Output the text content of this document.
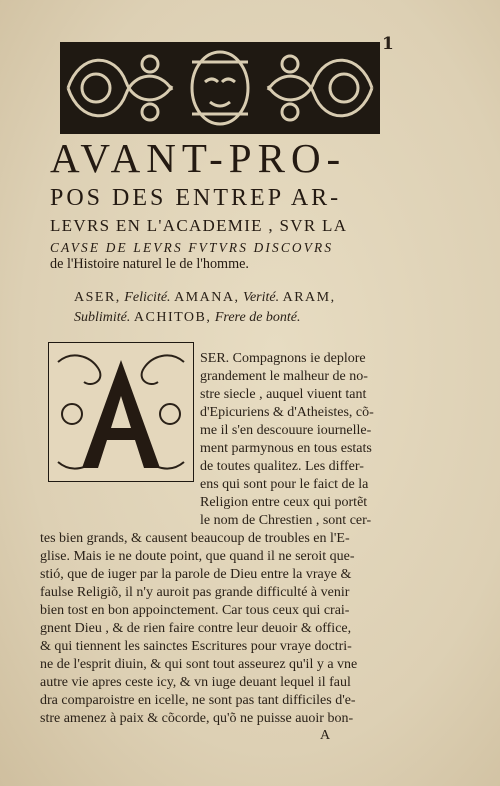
1
AVANT-PRO-
POS DES ENTREP AR-
LEVRS EN L'ACADEMIE , SVR LA
CAVSE DE LEVRS FVTVRS DISCOVRS
de l'Histoire naturel le de l'homme.
ASER, Felicité. AMANA, Verité. ARAM,
Sublimité. ACHITOB, Frere de bonté.
SER. Compagnons ie deplore
grandement le malheur de no-
stre siecle , auquel viuent tant
d'Epicuriens & d'Atheistes, cõ-
me il s'en descouure iournelle-
ment parmynous en tous estats
de toutes qualitez. Les differ-
ens qui sont pour le faict de la
Religion entre ceux qui portẽt
le nom de Chrestien , sont cer-
tes bien grands, & causent beaucoup de troubles en l'E-
glise. Mais ie ne doute point, que quand il ne seroit que-
stió, que de iuger par la parole de Dieu entre la vraye &
faulse Religiõ, il n'y auroit pas grande difficulté à venir
bien tost en bon appoinctement. Car tous ceux qui crai-
gnent Dieu , & de rien faire contre leur deuoir & office,
& qui tiennent les sainctes Escritures pour vraye doctri-
ne de l'esprit diuin, & qui sont tout asseurez qu'il y a vne
autre vie apres ceste icy, & vn iuge deuant lequel il faul
dra comparoistre en icelle, ne sont pas tant difficiles d'e-
stre amenez à paix & cõcorde, qu'õ ne puisse auoir bon-
A
